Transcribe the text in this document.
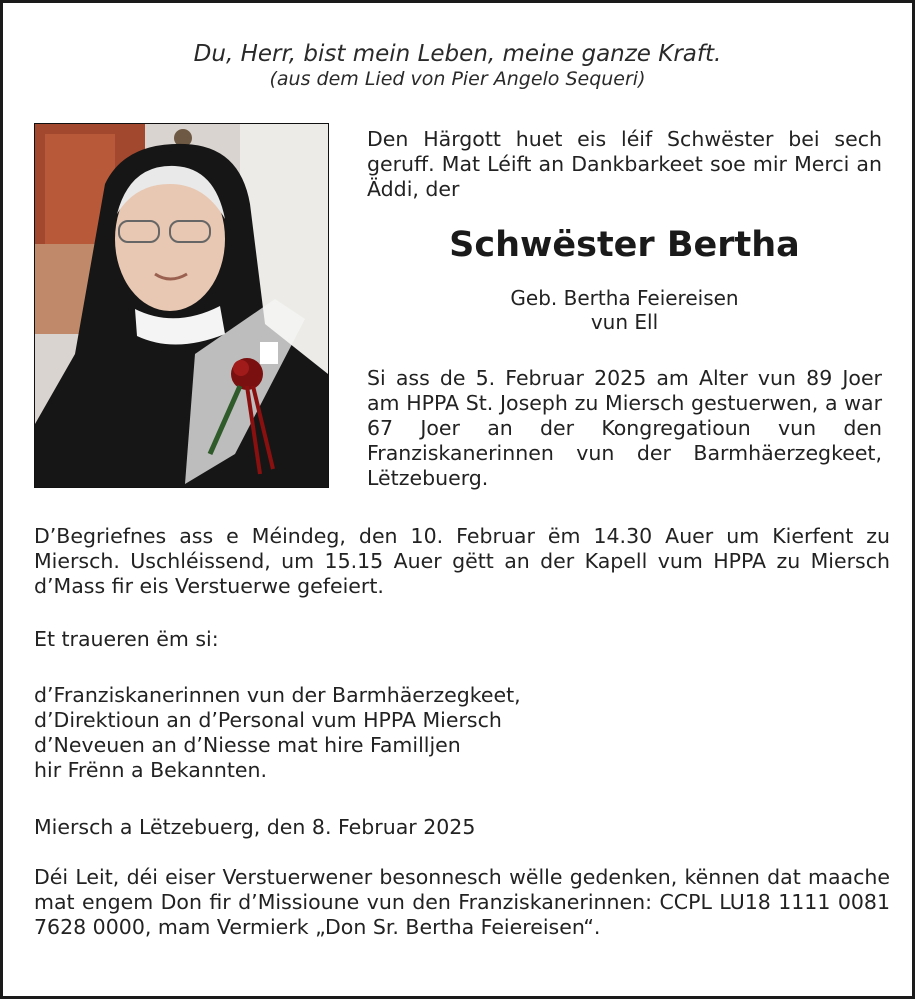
Du, Herr, bist mein Leben, meine ganze Kraft.
(aus dem Lied von Pier Angelo Sequeri)
Den Härgott huet eis léif Schwëster bei sech geruff. Mat Léift an Dankbarkeet soe mir Merci an Äddi, der
Schwëster Bertha
Geb. Bertha Feiereisen
vun Ell
Si ass de 5. Februar 2025 am Alter vun 89 Joer am HPPA St. Joseph zu Miersch gestuerwen, a war 67 Joer an der Kongregatioun vun den Franziskanerinnen vun der Barmhäerzegkeet, Lëtzebuerg.
D’Begriefnes ass e Méindeg, den 10. Februar ëm 14.30 Auer um Kierfent zu Miersch. Uschléissend, um 15.15 Auer gëtt an der Kapell vum HPPA zu Miersch d’Mass fir eis Verstuerwe gefeiert.
Et traueren ëm si:
d’Franziskanerinnen vun der Barmhäerzegkeet,
d’Direktioun an d’Personal vum HPPA Miersch
d’Neveuen an d’Niesse mat hire Familljen
hir Frënn a Bekannten.
Miersch a Lëtzebuerg, den 8. Februar 2025
Déi Leit, déi eiser Verstuerwener besonnesch wëlle gedenken, kënnen dat maache mat engem Don fir d’Missioune vun den Franziskanerinnen: CCPL LU18 1111 0081 7628 0000, mam Vermierk „Don Sr. Bertha Feiereisen“.
